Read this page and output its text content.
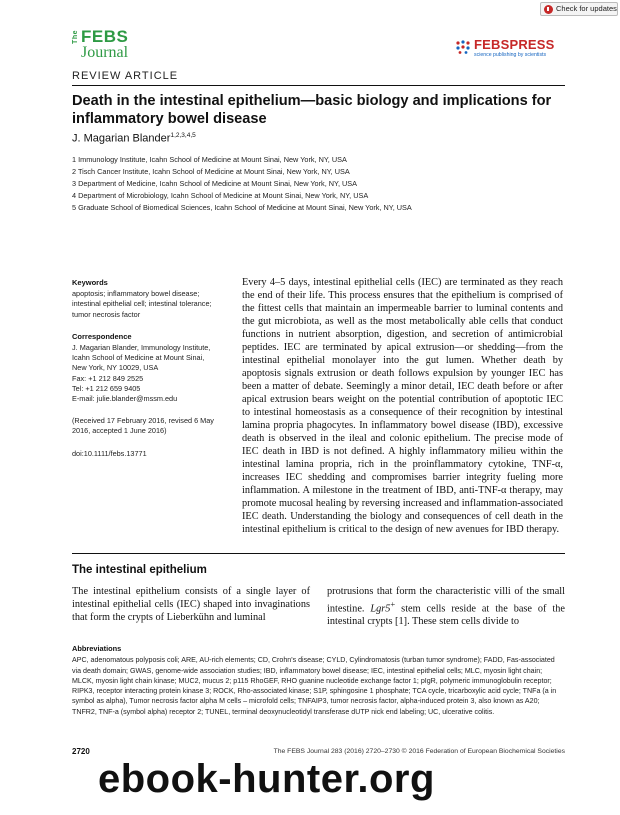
Check for updates
The FEBS
Journal	FEBSPRESS
science publishing by scientists
REVIEW ARTICLE
Death in the intestinal epithelium—basic biology and implications for inflammatory bowel disease
J. Magarian Blander$^{1,2,3,4,5}$
1 Immunology Institute, Icahn School of Medicine at Mount Sinai, New York, NY, USA
2 Tisch Cancer Institute, Icahn School of Medicine at Mount Sinai, New York, NY, USA
3 Department of Medicine, Icahn School of Medicine at Mount Sinai, New York, NY, USA
4 Department of Microbiology, Icahn School of Medicine at Mount Sinai, New York, NY, USA
5 Graduate School of Biomedical Sciences, Icahn School of Medicine at Mount Sinai, New York, NY, USA
Keywords
apoptosis; inflammatory bowel disease;
intestinal epithelial cell; intestinal tolerance;
tumor necrosis factor
Correspondence
J. Magarian Blander, Immunology Institute,
Icahn School of Medicine at Mount Sinai,
New York, NY 10029, USA
Fax: +1 212 849 2525
Tel: +1 212 659 9405
E-mail: julie.blander@mssm.edu
(Received 17 February 2016, revised 6 May
2016, accepted 1 June 2016)
doi:10.1111/febs.13771
Every 4–5 days, intestinal epithelial cells (IEC) are terminated as they reach the end of their life. This process ensures that the epithelium is comprised of the fittest cells that maintain an impermeable barrier to luminal contents and the gut microbiota, as well as the most metabolically able cells that conduct functions in nutrient absorption, digestion, and secretion of antimicrobial peptides. IEC are terminated by apical extrusion—or shedding—from the intestinal epithelial monolayer into the gut lumen. Whether death by apoptosis signals extrusion or death follows expulsion by younger IEC has been a matter of debate. Seemingly a minor detail, IEC death before or after apical extrusion bears weight on the potential contribution of apoptotic IEC to intestinal homeostasis as a consequence of their recognition by intestinal lamina propria phagocytes. In inflammatory bowel disease (IBD), excessive death is observed in the ileal and colonic epithelium. The precise mode of IEC death in IBD is not defined. A highly inflammatory milieu within the intestinal lamina propria, rich in the proinflammatory cytokine, TNF-α, increases IEC shedding and compromises barrier integrity fueling more inflammation. A milestone in the treatment of IBD, anti-TNF-α therapy, may promote mucosal healing by reversing increased and inflammation-associated IEC death. Understanding the biology and consequences of cell death in the intestinal epithelium is critical to the design of new avenues for IBD therapy.
The intestinal epithelium
The intestinal epithelium consists of a single layer of intestinal epithelial cells (IEC) shaped into invaginations that form the crypts of Lieberkühn and luminal
protrusions that form the characteristic villi of the small intestine. Lgr5+ stem cells reside at the base of the intestinal crypts [1]. These stem cells divide to
Abbreviations
APC, adenomatous polyposis coli; ARE, AU-rich elements; CD, Crohn's disease; CYLD, Cylindromatosis (turban tumor syndrome); FADD, Fas-associated via death domain; GWAS, genome-wide association studies; IBD, inflammatory bowel disease; IEC, intestinal epithelial cells; MLC, myosin light chain; MLCK, myosin light chain kinase; MUC2, mucus 2; p115 RhoGEF, RHO guanine nucleotide exchange factor 1; pIgR, polymeric immunoglobulin receptor; RIPK3, receptor interacting protein kinase 3; ROCK, Rho-associated kinase; S1P, sphingosine 1 phosphate; TCA cycle, tricarboxylic acid cycle; TNFa (a in symbol as alpha), Tumor necrosis factor alpha M cells – microfold cells; TNFAIP3, tumor necrosis factor, alpha-induced protein 3, also known as A20; TNFR2, TNF-a (symbol alpha) receptor 2; TUNEL, terminal deoxynucleotidyl transferase dUTP nick end labeling; UC, ulcerative colitis.
2720	The FEBS Journal 283 (2016) 2720–2730 © 2016 Federation of European Biochemical Societies
ebook-hunter.org
